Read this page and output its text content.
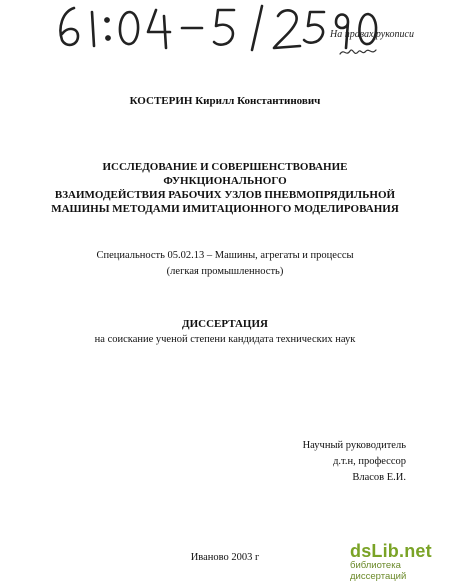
На правах рукописи
КОСТЕРИН Кирилл Константинович
ИССЛЕДОВАНИЕ И СОВЕРШЕНСТВОВАНИЕ ФУНКЦИОНАЛЬНОГО
ВЗАИМОДЕЙСТВИЯ РАБОЧИХ УЗЛОВ ПНЕВМОПРЯДИЛЬНОЙ
МАШИНЫ МЕТОДАМИ ИМИТАЦИОННОГО МОДЕЛИРОВАНИЯ
Специальность 05.02.13 – Машины, агрегаты и процессы
(легкая промышленность)
ДИССЕРТАЦИЯ
на соискание ученой степени кандидата технических наук
Научный руководитель
д.т.н, профессор
Власов Е.И.
Иваново 2003 г	dsLib.net
библиотека диссертаций
